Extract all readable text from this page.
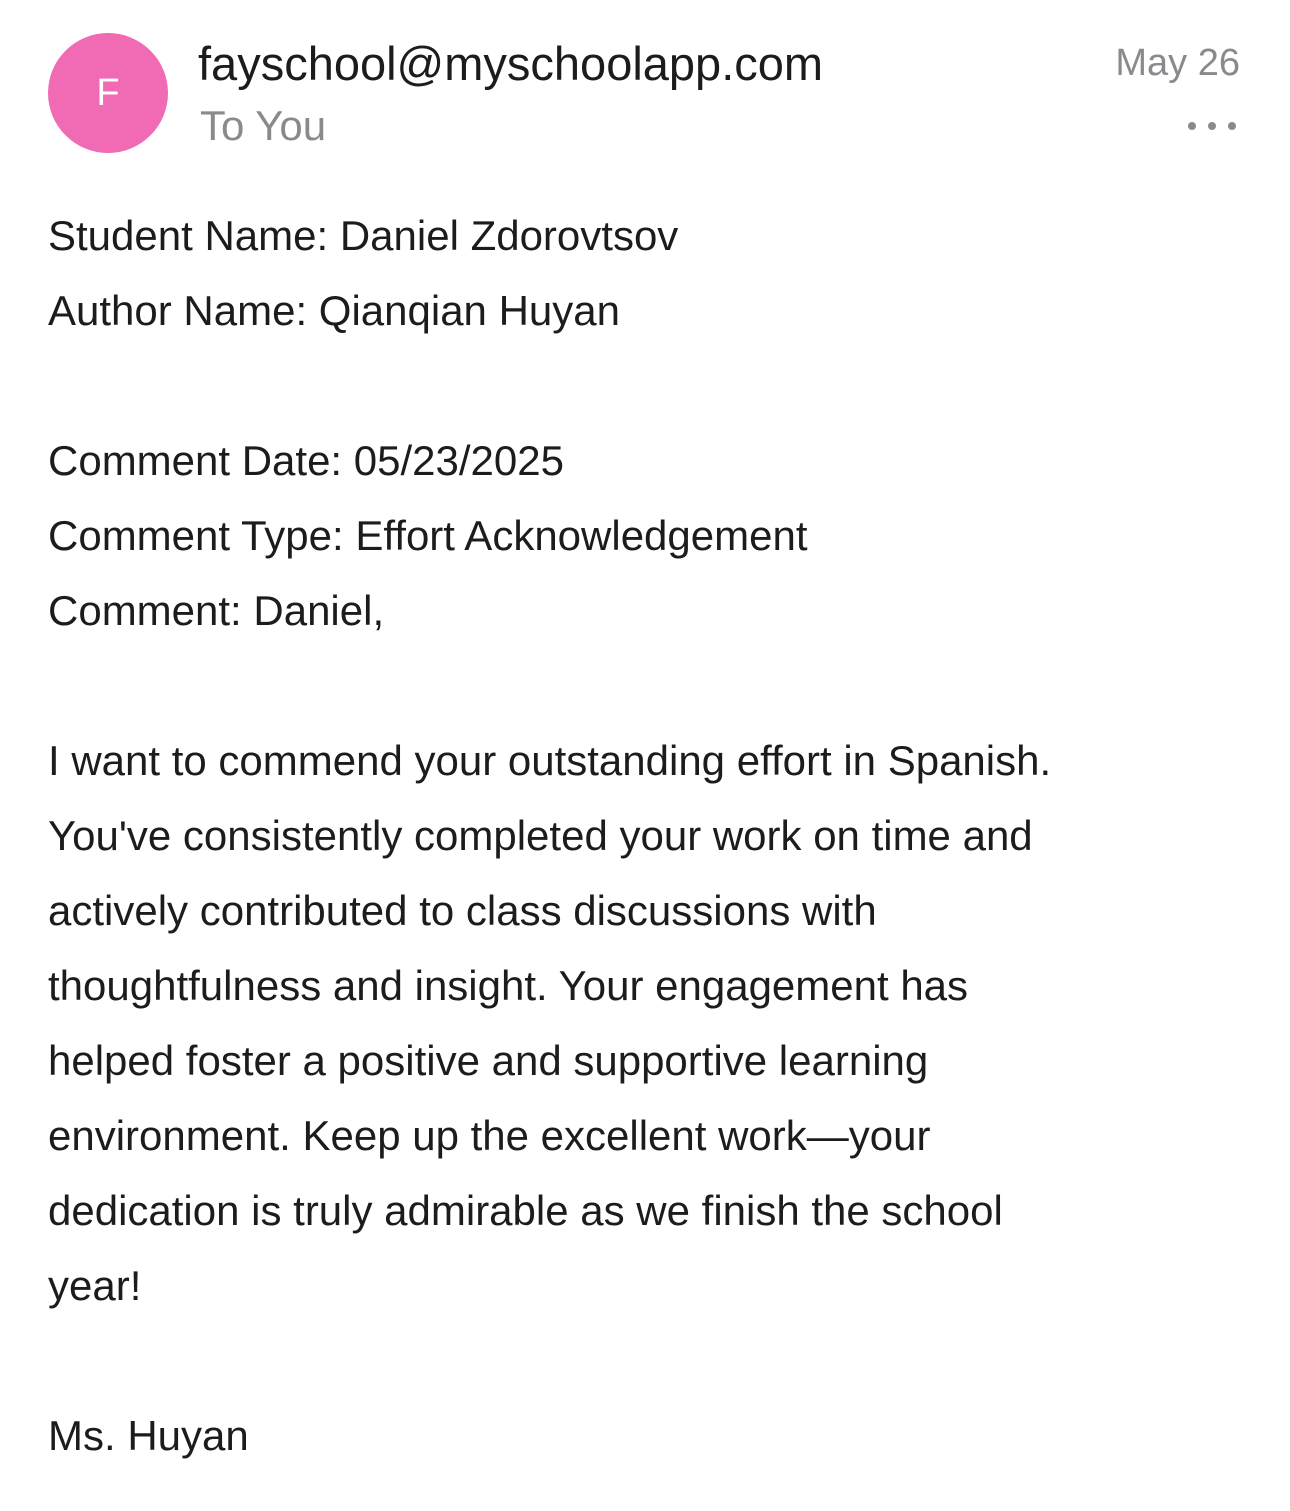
F
fayschool@myschoolapp.com
To You
May 26
Student Name: Daniel Zdorovtsov
Author Name: Qianqian Huyan
Comment Date: 05/23/2025
Comment Type: Effort Acknowledgement
Comment: Daniel,
I want to commend your outstanding effort in Spanish.
You've consistently completed your work on time and
actively contributed to class discussions with
thoughtfulness and insight. Your engagement has
helped foster a positive and supportive learning
environment. Keep up the excellent work—your
dedication is truly admirable as we finish the school
year!
Ms. Huyan
